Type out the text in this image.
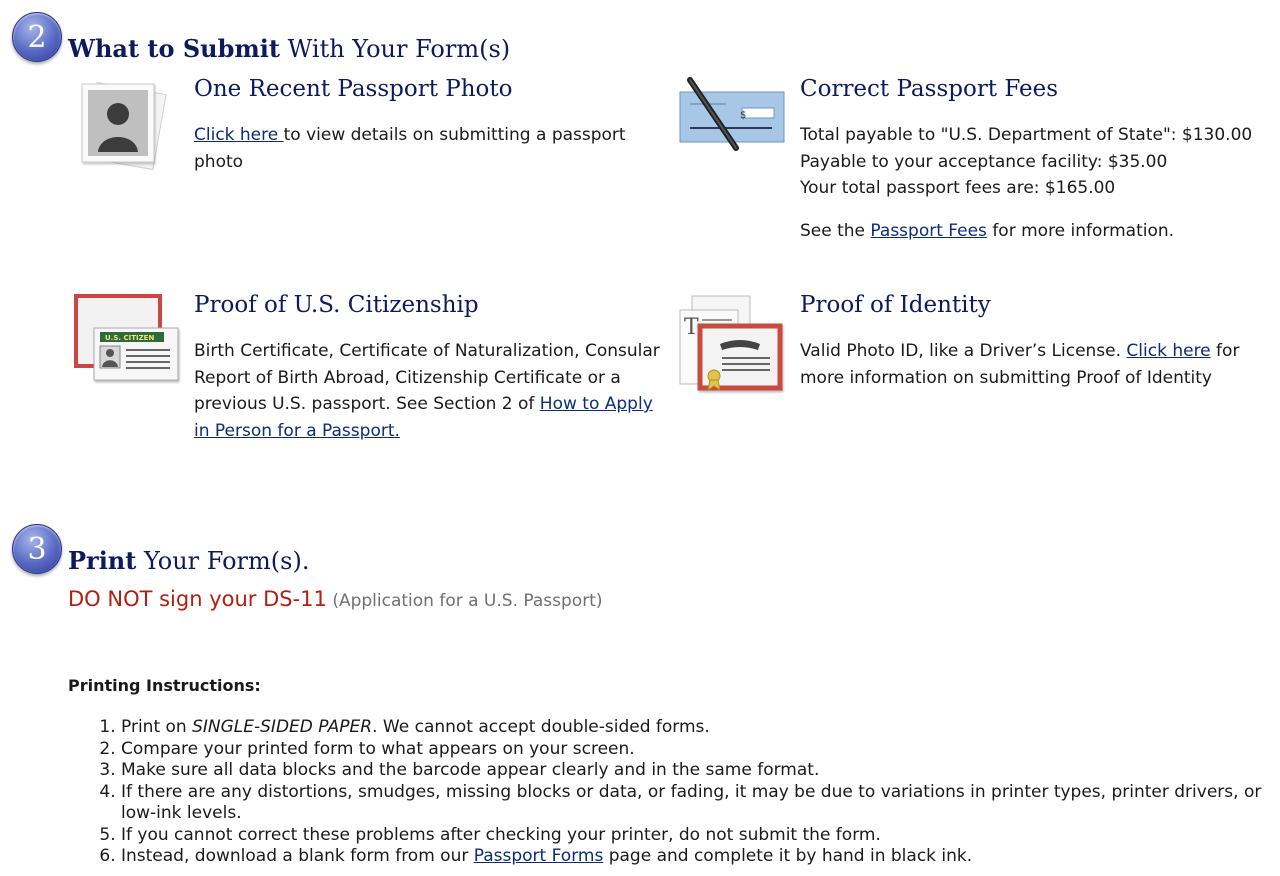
2 What to Submit With Your Form(s)
One Recent Passport Photo
Click here to view details on submitting a passport photo
$
Correct Passport Fees
Total payable to "U.S. Department of State": $130.00
Payable to your acceptance facility: $35.00
Your total passport fees are: $165.00
See the Passport Fees for more information.
U.S. CITIZEN
Proof of U.S. Citizenship
Birth Certificate, Certificate of Naturalization, Consular Report of Birth Abroad, Citizenship Certificate or a previous U.S. passport. See Section 2 of How to Apply in Person for a Passport.
T
Proof of Identity
Valid Photo ID, like a Driver’s License. Click here for more information on submitting Proof of Identity
3 Print Your Form(s).
DO NOT sign your DS-11 (Application for a U.S. Passport)
Printing Instructions:
1. Print on SINGLE-SIDED PAPER. We cannot accept double-sided forms.
2. Compare your printed form to what appears on your screen.
3. Make sure all data blocks and the barcode appear clearly and in the same format.
4. If there are any distortions, smudges, missing blocks or data, or fading, it may be due to variations in printer types, printer drivers, or low-ink levels.
5. If you cannot correct these problems after checking your printer, do not submit the form.
6. Instead, download a blank form from our Passport Forms page and complete it by hand in black ink.
